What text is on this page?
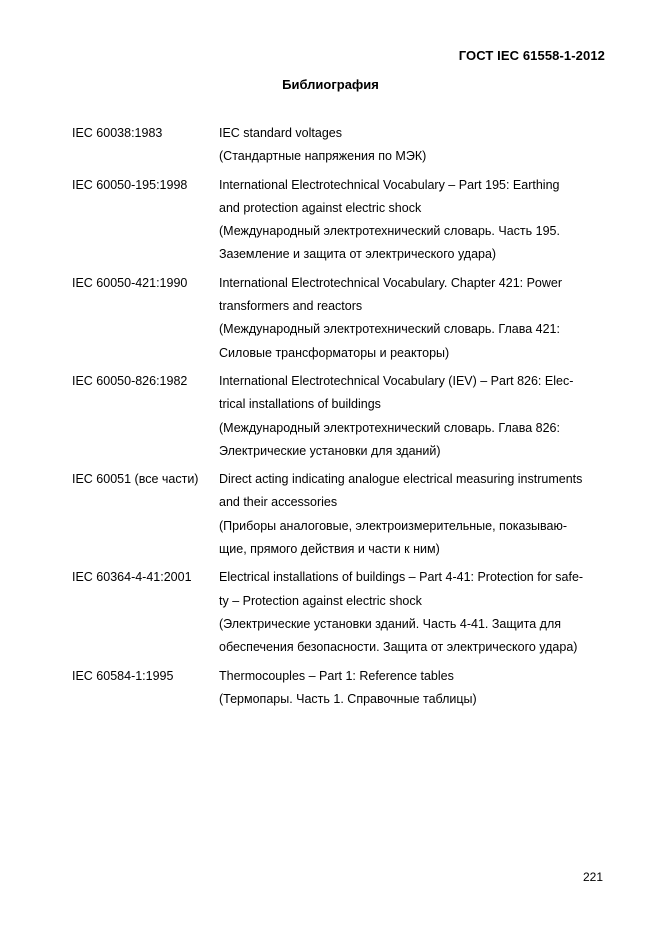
ГОСТ IEC 61558-1-2012
Библиография
IEC 60038:1983	IEC standard voltages
(Стандартные напряжения по МЭК)
IEC 60050-195:1998	International Electrotechnical Vocabulary – Part 195: Earthing
and protection against electric shock
(Международный электротехнический словарь. Часть 195.
Заземление и защита от электрического удара)
IEC 60050-421:1990	International Electrotechnical Vocabulary. Chapter 421: Power
transformers and reactors
(Международный электротехнический словарь. Глава 421:
Силовые трансформаторы и реакторы)
IEC 60050-826:1982	International Electrotechnical Vocabulary (IEV) – Part 826: Elec-
trical installations of buildings
(Международный электротехнический словарь. Глава 826:
Электрические установки для зданий)
IEC 60051 (все части)	Direct acting indicating analogue electrical measuring instruments
and their accessories
(Приборы аналоговые, электроизмерительные, показываю-
щие, прямого действия и части к ним)
IEC 60364-4-41:2001	Electrical installations of buildings – Part 4-41: Protection for safe-
ty – Protection against electric shock
(Электрические установки зданий. Часть 4-41. Защита для
обеспечения безопасности. Защита от электрического удара)
IEC 60584-1:1995	Thermocouples – Part 1: Reference tables
(Термопары. Часть 1. Справочные таблицы)
221
